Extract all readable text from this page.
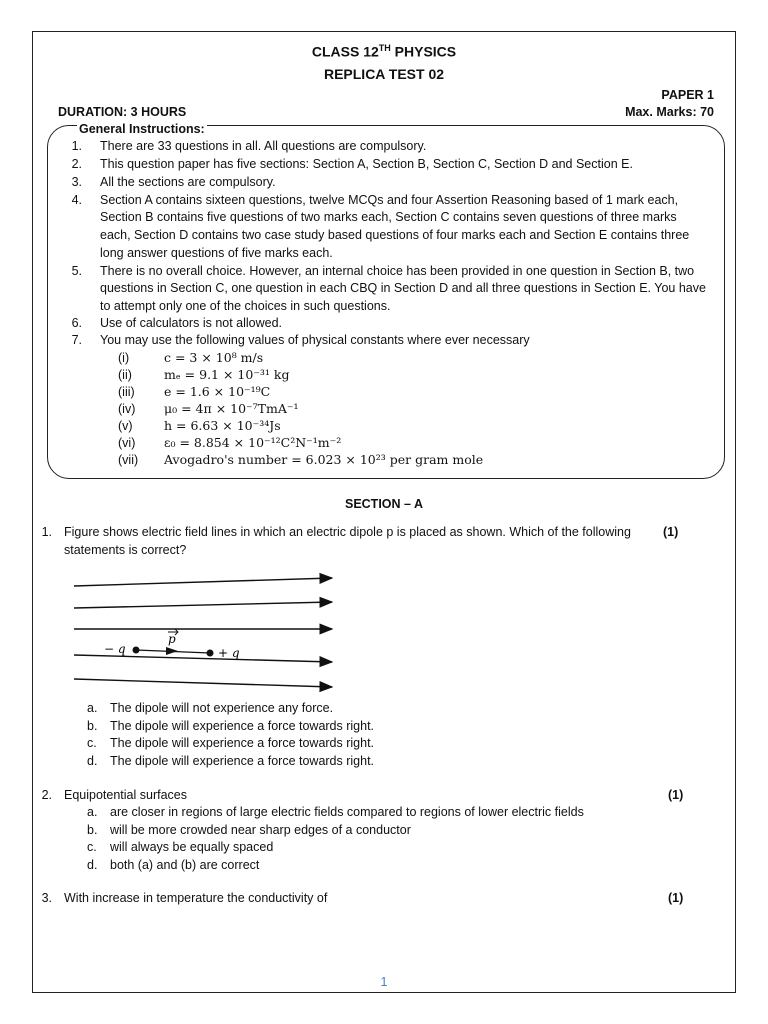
CLASS 12TH PHYSICS
REPLICA TEST 02
PAPER 1
DURATION: 3 HOURS	Max. Marks: 70
General Instructions:
1. There are 33 questions in all. All questions are compulsory.
2. This question paper has five sections: Section A, Section B, Section C, Section D and Section E.
3. All the sections are compulsory.
4. Section A contains sixteen questions, twelve MCQs and four Assertion Reasoning based of 1 mark each,
Section B contains five questions of two marks each, Section C contains seven questions of three marks
each, Section D contains two case study based questions of four marks each and Section E contains three
long answer questions of five marks each.
5. There is no overall choice. However, an internal choice has been provided in one question in Section B, two
questions in Section C, one question in each CBQ in Section D and all three questions in Section E. You have
to attempt only one of the choices in such questions.
6. Use of calculators is not allowed.
7. You may use the following values of physical constants where ever necessary
(i)	c = 3 × 10⁸ m/s
(ii)	mₑ = 9.1 × 10⁻³¹ kg
(iii) e = 1.6 × 10⁻¹⁹C
(iv) μ₀ = 4π × 10⁻⁷TmA⁻¹
(v)	h = 6.63 × 10⁻³⁴Js
(vi) ε₀ = 8.854 × 10⁻¹²C²N⁻¹m⁻²
(vii) Avogadro's number = 6.023 × 10²³ per gram mole
SECTION – A
1. Figure shows electric field lines in which an electric dipole p is placed as shown. Which of the following
statements is correct?
(1)
− q	+ q
p
a. The dipole will not experience any force.
b. The dipole will experience a force towards right.
c. The dipole will experience a force towards right.
d. The dipole will experience a force towards right.
2. Equipotential surfaces	(1)
a. are closer in regions of large electric fields compared to regions of lower electric fields
b. will be more crowded near sharp edges of a conductor
c. will always be equally spaced
d. both (a) and (b) are correct
3. With increase in temperature the conductivity of	(1)
1
